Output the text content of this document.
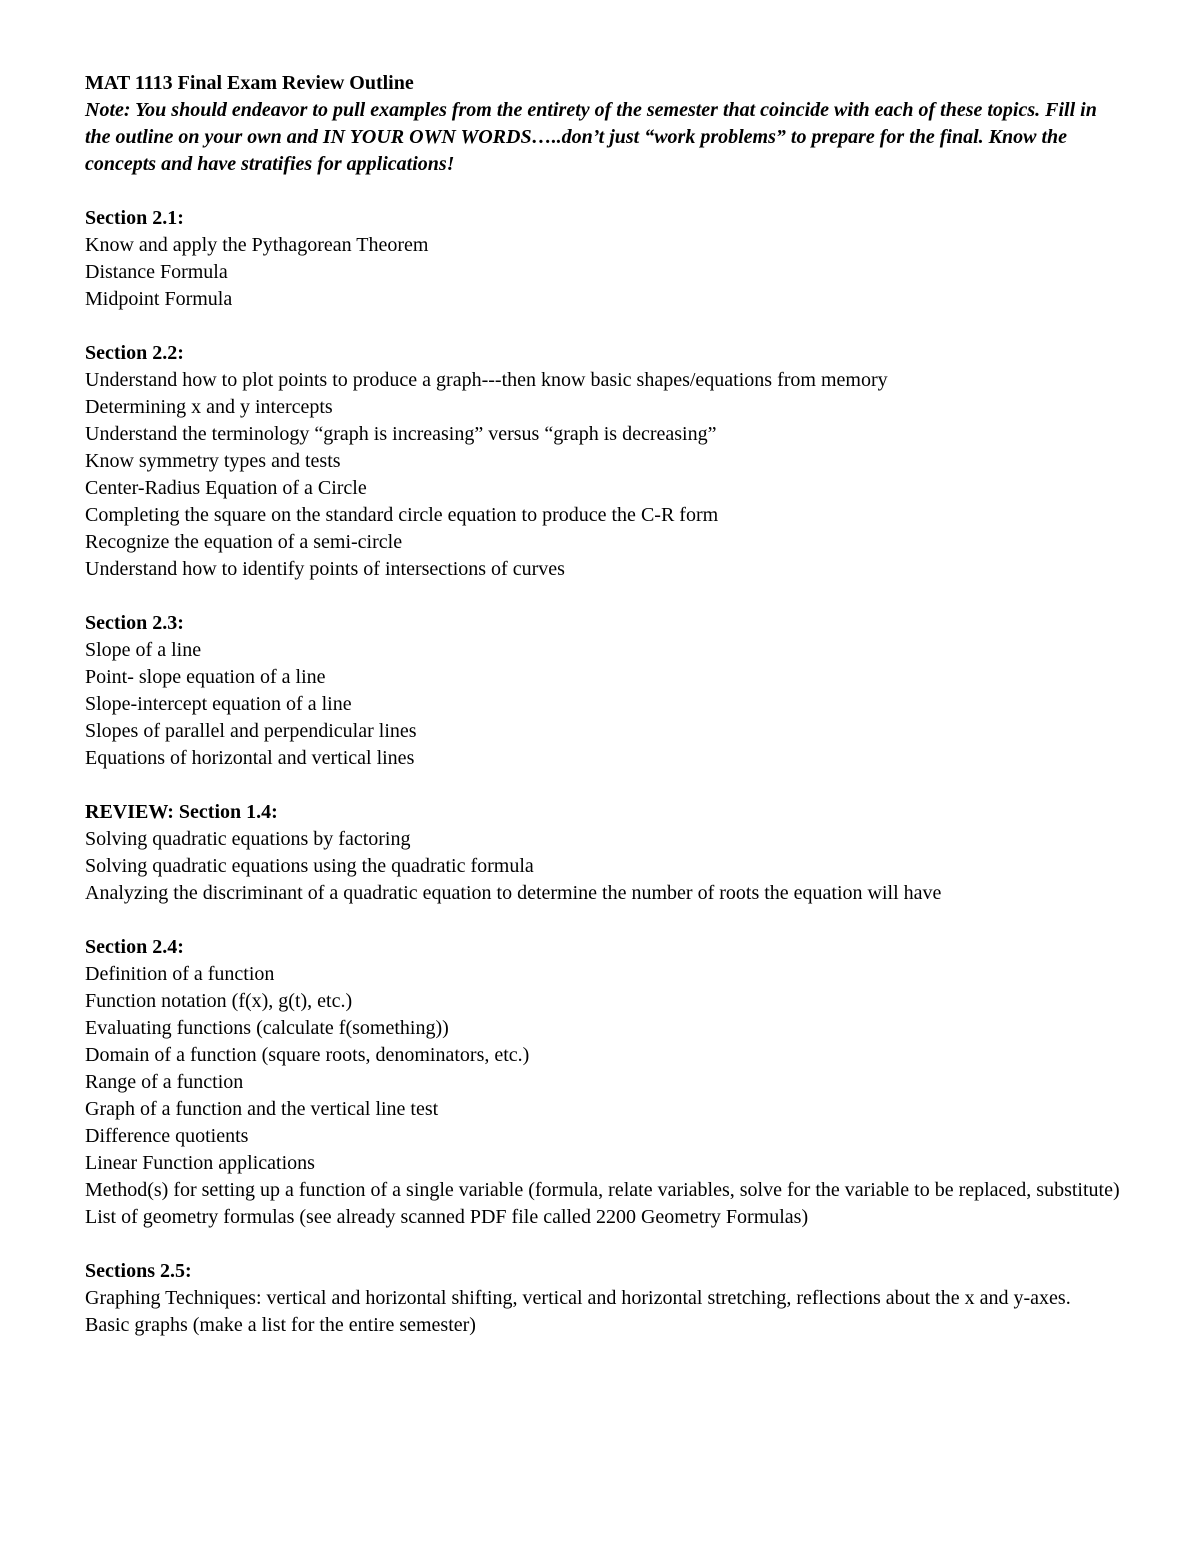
MAT 1113 Final Exam Review Outline

Note: You should endeavor to pull examples from the entirety of the semester that coincide with each of these topics. Fill in the outline on your own and IN YOUR OWN WORDS…..don’t just “work problems” to prepare for the final. Know the concepts and have stratifies for applications!

Section 2.1:

Know and apply the Pythagorean Theorem
Distance Formula
Midpoint Formula

Section 2.2:

Understand how to plot points to produce a graph---then know basic shapes/equations from memory
Determining x and y intercepts
Understand the terminology “graph is increasing” versus “graph is decreasing”
Know symmetry types and tests
Center-Radius Equation of a Circle
Completing the square on the standard circle equation to produce the C-R form
Recognize the equation of a semi-circle
Understand how to identify points of intersections of curves

Section 2.3:

Slope of a line
Point- slope equation of a line
Slope-intercept equation of a line
Slopes of parallel and perpendicular lines
Equations of horizontal and vertical lines

REVIEW: Section 1.4:

Solving quadratic equations by factoring
Solving quadratic equations using the quadratic formula
Analyzing the discriminant of a quadratic equation to determine the number of roots the equation will have

Section 2.4:

Definition of a function
Function notation (f(x), g(t), etc.)
Evaluating functions (calculate f(something))
Domain of a function (square roots, denominators, etc.)
Range of a function
Graph of a function and the vertical line test
Difference quotients
Linear Function applications
Method(s) for setting up a function of a single variable (formula, relate variables, solve for the variable to be replaced, substitute)
List of geometry formulas (see already scanned PDF file called 2200 Geometry Formulas)

Sections 2.5:

Graphing Techniques: vertical and horizontal shifting, vertical and horizontal stretching, reflections about the x and y-axes.
Basic graphs (make a list for the entire semester)
